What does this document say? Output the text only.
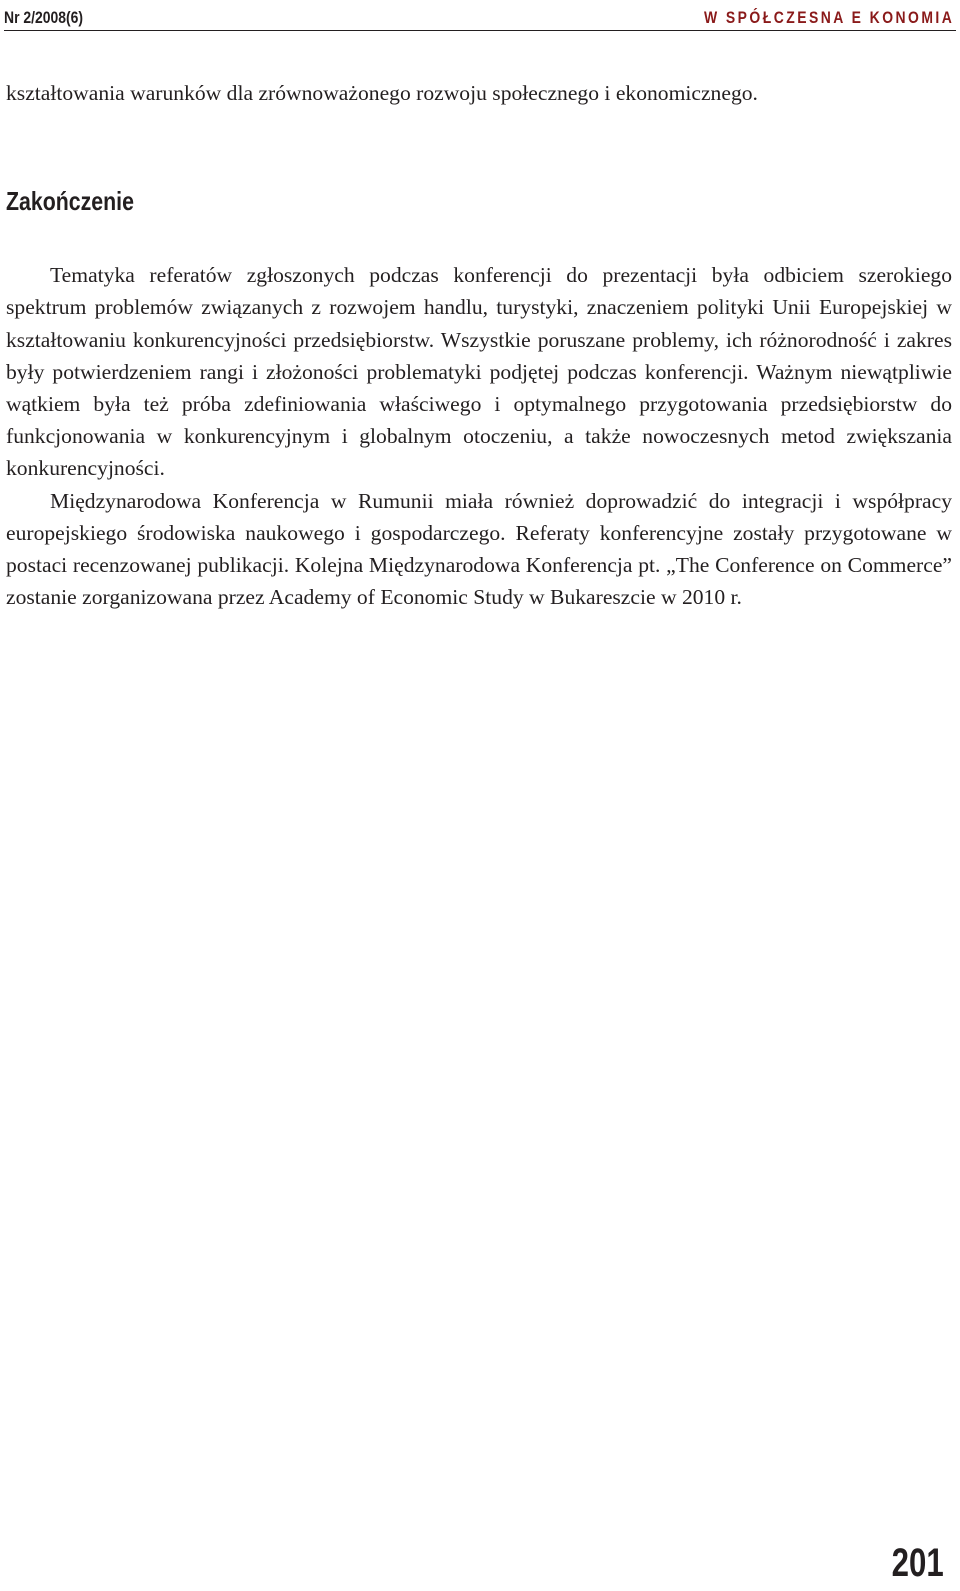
Nr 2/2008(6)	W SPÓŁCZESNA E KONOMIA

kształtowania warunków dla zrównoważonego rozwoju społecznego i ekonomicznego.

Zakończenie

Tematyka referatów zgłoszonych podczas konferencji do prezentacji była odbiciem szerokiego spektrum problemów związanych z rozwojem handlu, turystyki, znaczeniem polityki Unii Europejskiej w kształtowaniu konkurencyjności przedsiębiorstw. Wszystkie poruszane problemy, ich różnorodność i zakres były potwierdzeniem rangi i złożoności problematyki podjętej podczas konferencji. Ważnym niewątpliwie wątkiem była też próba zdefiniowania właściwego i optymalnego przygotowania przedsiębiorstw do funkcjonowania w konkurencyjnym i globalnym otoczeniu, a także nowoczesnych metod zwiększania konkurencyjności.

Międzynarodowa Konferencja w Rumunii miała również doprowadzić do integracji i współpracy europejskiego środowiska naukowego i gospodarczego. Referaty konferencyjne zostały przygotowane w postaci recenzowanej publikacji. Kolejna Międzynarodowa Konferencja pt. „The Conference on Commerce” zostanie zorganizowana przez Academy of Economic Study w Bukareszcie w 2010 r.

201
